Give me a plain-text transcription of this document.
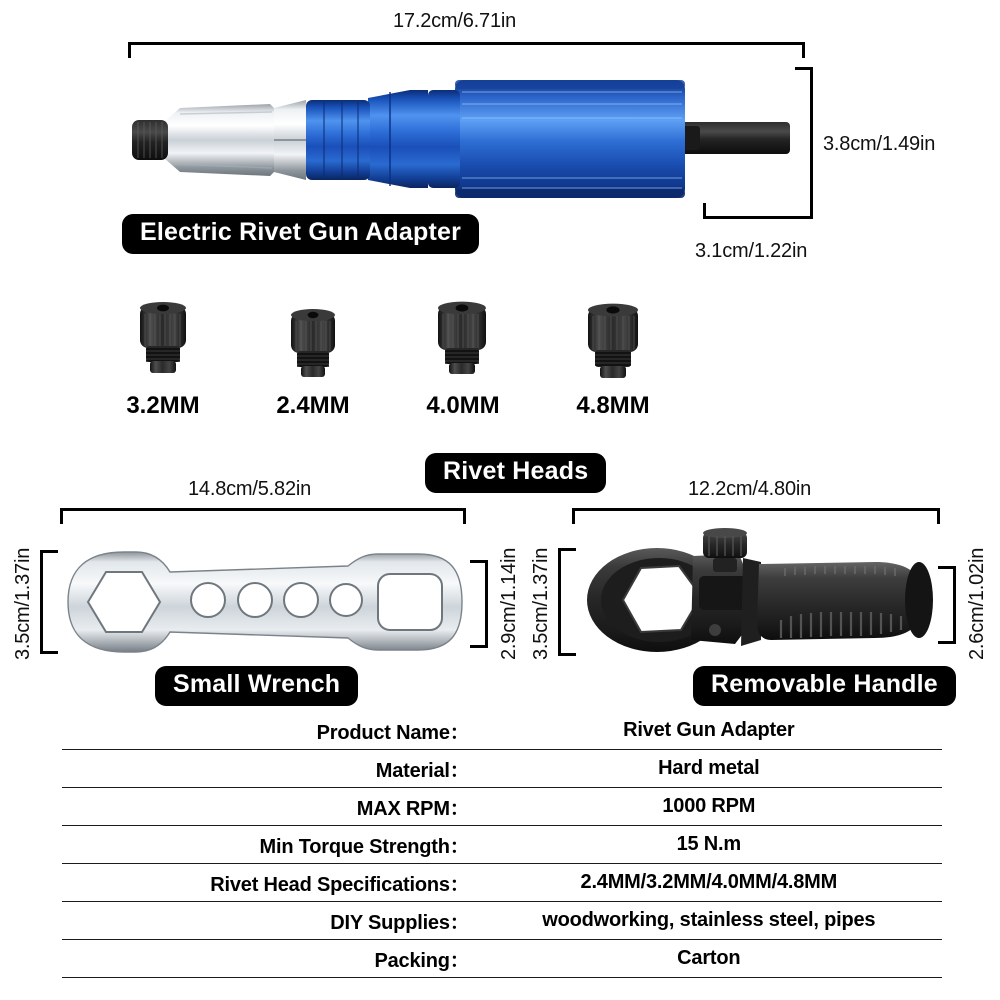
17.2cm/6.71in
3.8cm/1.49in
3.1cm/1.22in
Electric Rivet Gun Adapter
3.2MM	2.4MM	4.0MM	4.8MM
Rivet Heads
14.8cm/5.82in
3.5cm/1.37in	2.9cm/1.14in
Small Wrench
12.2cm/4.80in
3.5cm/1.37in	2.6cm/1.02in
Removable Handle
Product Name：	Rivet Gun Adapter
Material：	Hard metal
MAX RPM：	1000 RPM
Min Torque Strength：	15 N.m
Rivet Head Specifications：	2.4MM/3.2MM/4.0MM/4.8MM
DIY Supplies：	woodworking, stainless steel, pipes
Packing：	Carton
